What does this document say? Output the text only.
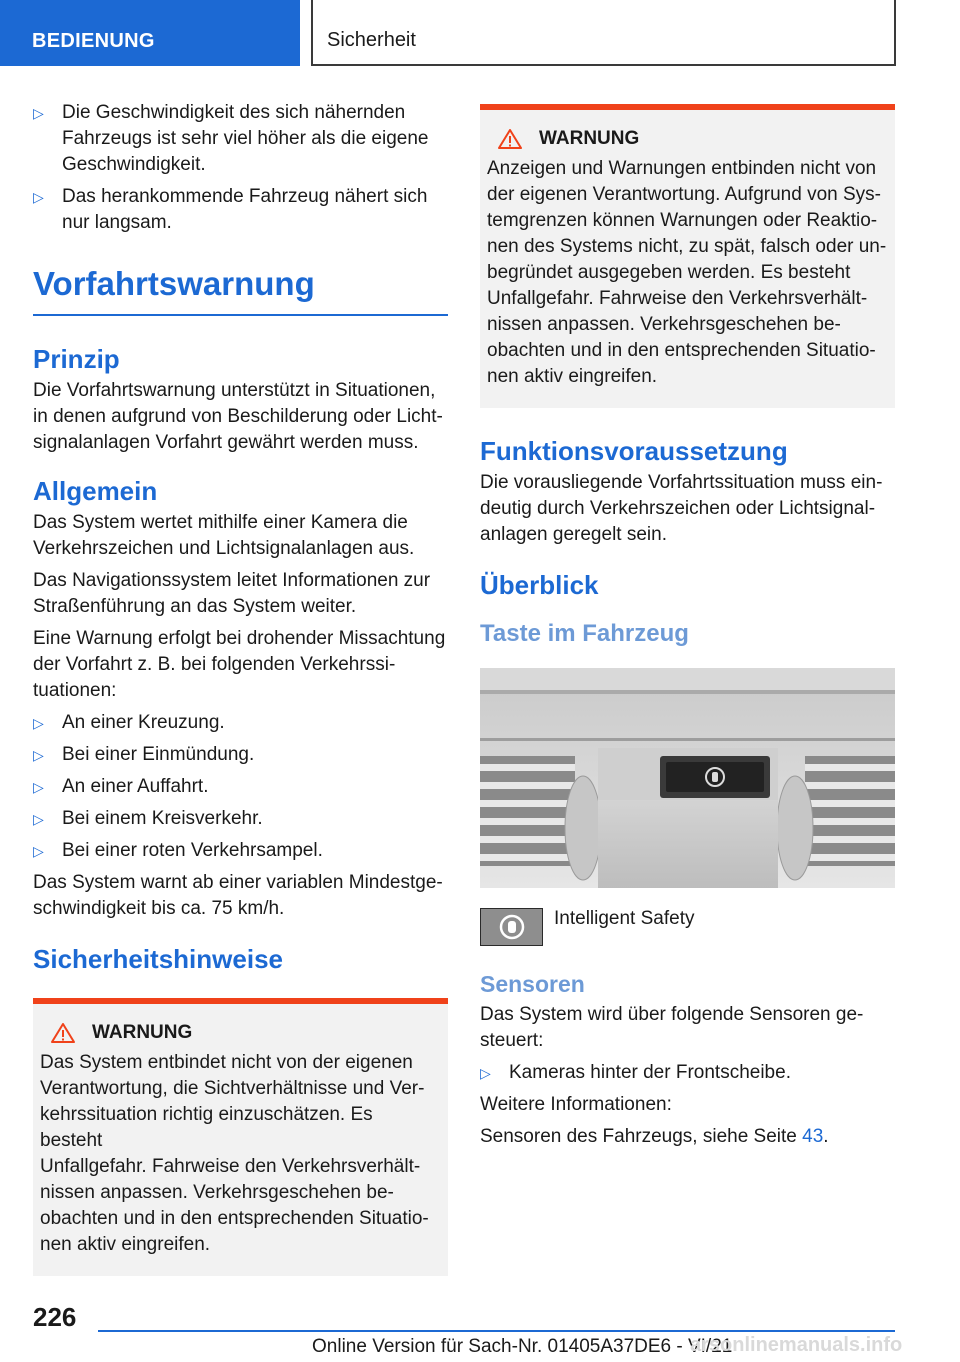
BEDIENUNG	Sicherheit
▷ Die Geschwindigkeit des sich nähernden Fahrzeugs ist sehr viel höher als die eigene Geschwindigkeit.
▷ Das herankommende Fahrzeug nähert sich nur langsam.
Vorfahrtswarnung
Prinzip

Die Vorfahrtswarnung unterstützt in Situationen, in denen aufgrund von Beschilderung oder Lichtsignalanlagen Vorfahrt gewährt werden muss.

Allgemein

Das System wertet mithilfe einer Kamera die Verkehrszeichen und Lichtsignalanlagen aus.

Das Navigationssystem leitet Informationen zur Straßenführung an das System weiter.

Eine Warnung erfolgt bei drohender Missachtung der Vorfahrt z. B. bei folgenden Verkehrssituationen:

▷ An einer Kreuzung.
▷ Bei einer Einmündung.
▷ An einer Auffahrt.
▷ Bei einem Kreisverkehr.
▷ Bei einer roten Verkehrsampel.

Das System warnt ab einer variablen Mindestgeschwindigkeit bis ca. 75 km/h.

Sicherheitshinweise
WARNUNG
Das System entbindet nicht von der eigenen
Verantwortung, die Sichtverhältnisse und Ver-
kehrssituation richtig einzuschätzen. Es besteht
Unfallgefahr. Fahrweise den Verkehrsverhält-
nissen anpassen. Verkehrsgeschehen be-
obachten und in den entsprechenden Situatio-
nen aktiv eingreifen.
WARNUNG
Anzeigen und Warnungen entbinden nicht von
der eigenen Verantwortung. Aufgrund von Sys-
temgrenzen können Warnungen oder Reaktio-
nen des Systems nicht, zu spät, falsch oder un-
begründet ausgegeben werden. Es besteht
Unfallgefahr. Fahrweise den Verkehrsverhält-
nissen anpassen. Verkehrsgeschehen be-
obachten und in den entsprechenden Situatio-
nen aktiv eingreifen.
Funktionsvoraussetzung

Die vorausliegende Vorfahrtssituation muss eindeutig durch Verkehrszeichen oder Lichtsignalanlagen geregelt sein.

Überblick
Taste im Fahrzeug
Intelligent Safety
Sensoren

Das System wird über folgende Sensoren gesteuert:

▷ Kameras hinter der Frontscheibe.

Weitere Informationen:

Sensoren des Fahrzeugs, siehe Seite 43.

226
Online Version für Sach-Nr. 01405A37DE6 - VI/21
arsonlinemanuals.info
